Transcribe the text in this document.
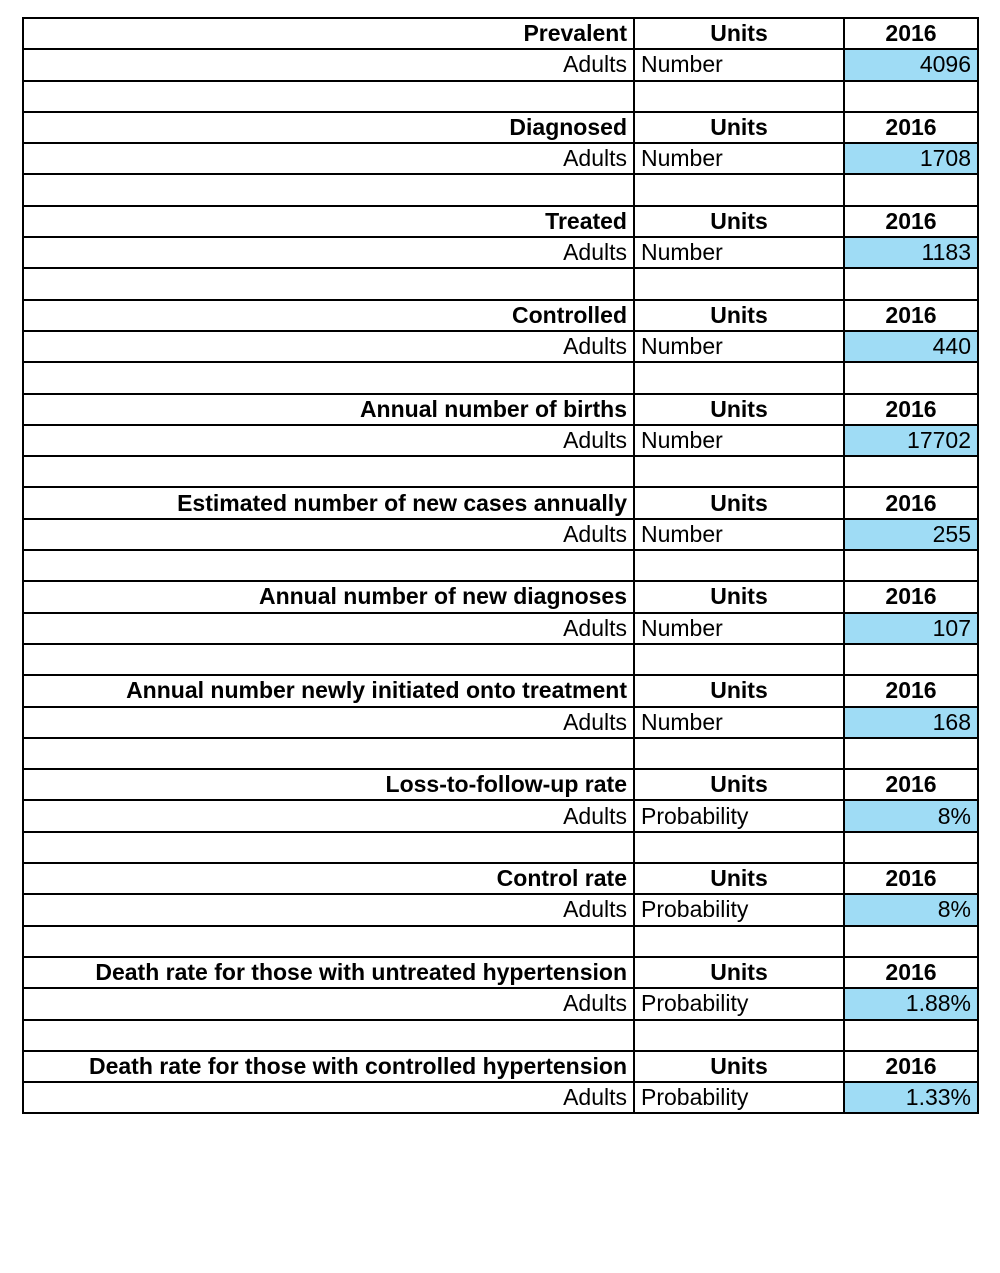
Prevalent	Units	2016
Adults	Number	4096

Diagnosed	Units	2016
Adults	Number	1708

Treated	Units	2016
Adults	Number	1183

Controlled	Units	2016
Adults	Number	440

Annual number of births	Units	2016
Adults	Number	17702

Estimated number of new cases annually	Units	2016
Adults	Number	255

Annual number of new diagnoses	Units	2016
Adults	Number	107

Annual number newly initiated onto treatment	Units	2016
Adults	Number	168

Loss-to-follow-up rate	Units	2016
Adults	Probability	8%

Control rate	Units	2016
Adults	Probability	8%

Death rate for those with untreated hypertension	Units	2016
Adults	Probability	1.88%

Death rate for those with controlled hypertension	Units	2016
Adults	Probability	1.33%
